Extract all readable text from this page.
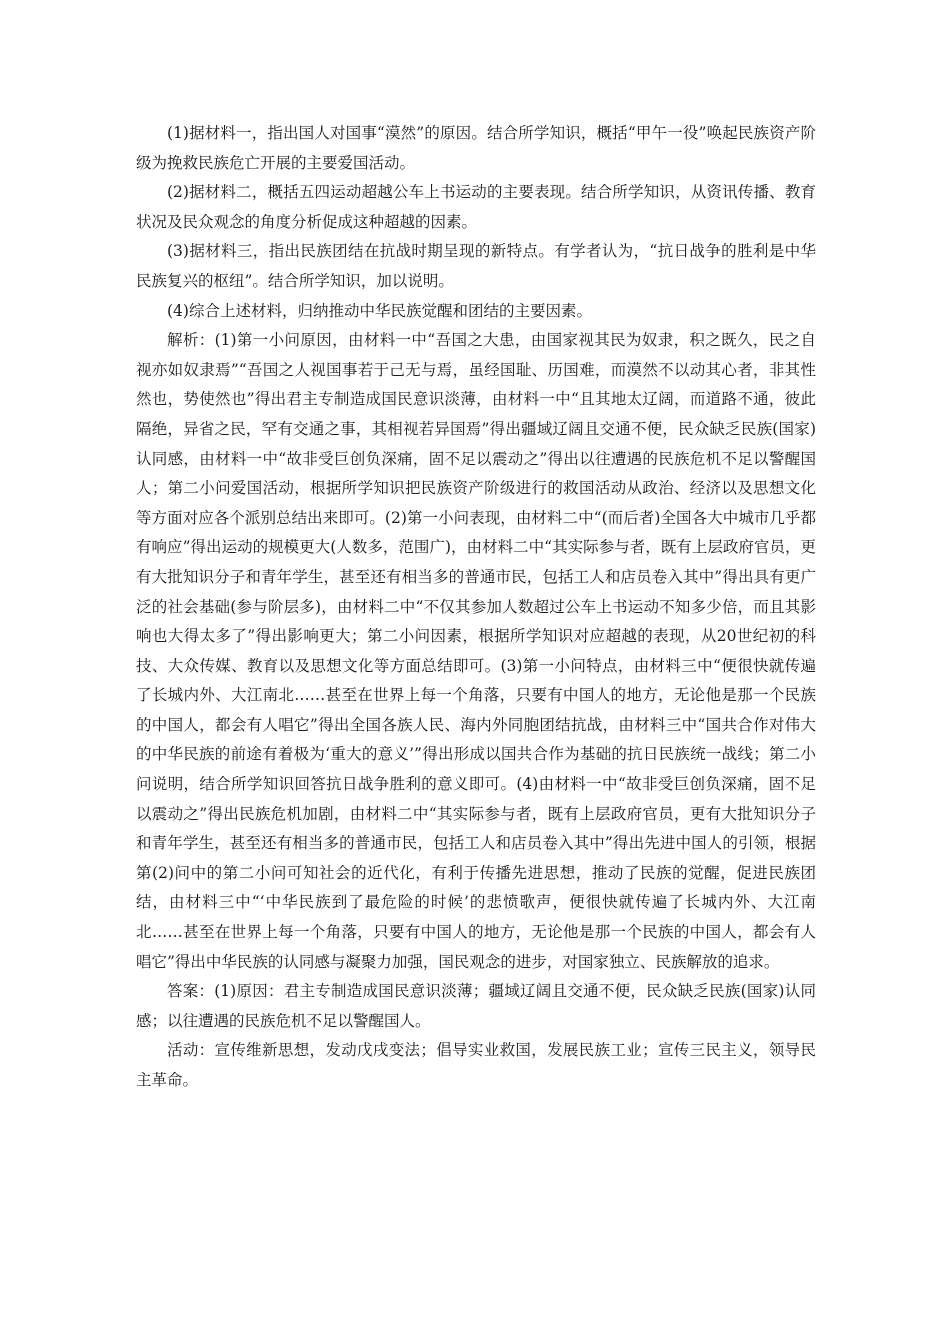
(1)据材料一，指出国人对国事“漠然”的原因。结合所学知识，概括“甲午一役”唤起民族资产阶级为挽救民族危亡开展的主要爱国活动。

(2)据材料二，概括五四运动超越公车上书运动的主要表现。结合所学知识，从资讯传播、教育状况及民众观念的角度分析促成这种超越的因素。

(3)据材料三，指出民族团结在抗战时期呈现的新特点。有学者认为，“抗日战争的胜利是中华民族复兴的枢纽”。结合所学知识，加以说明。

(4)综合上述材料，归纳推动中华民族觉醒和团结的主要因素。

解析：(1)第一小问原因，由材料一中“吾国之大患，由国家视其民为奴隶，积之既久，民之自视亦如奴隶焉”“吾国之人视国事若于己无与焉，虽经国耻、历国难，而漠然不以动其心者，非其性然也，势使然也”得出君主专制造成国民意识淡薄，由材料一中“且其地太辽阔，而道路不通，彼此隔绝，异省之民，罕有交通之事，其相视若异国焉”得出疆域辽阔且交通不便，民众缺乏民族(国家)认同感，由材料一中“故非受巨创负深痛，固不足以震动之”得出以往遭遇的民族危机不足以警醒国人；第二小问爱国活动，根据所学知识把民族资产阶级进行的救国活动从政治、经济以及思想文化等方面对应各个派别总结出来即可。(2)第一小问表现，由材料二中“(而后者)全国各大中城市几乎都有响应”得出运动的规模更大(人数多，范围广)，由材料二中“其实际参与者，既有上层政府官员，更有大批知识分子和青年学生，甚至还有相当多的普通市民，包括工人和店员卷入其中”得出具有更广泛的社会基础(参与阶层多)，由材料二中“不仅其参加人数超过公车上书运动不知多少倍，而且其影响也大得太多了”得出影响更大；第二小问因素，根据所学知识对应超越的表现，从20世纪初的科技、大众传媒、教育以及思想文化等方面总结即可。(3)第一小问特点，由材料三中“便很快就传遍了长城内外、大江南北……甚至在世界上每一个角落，只要有中国人的地方，无论他是那一个民族的中国人，都会有人唱它”得出全国各族人民、海内外同胞团结抗战，由材料三中“国共合作对伟大的中华民族的前途有着极为‘重大的意义’”得出形成以国共合作为基础的抗日民族统一战线；第二小问说明，结合所学知识回答抗日战争胜利的意义即可。(4)由材料一中“故非受巨创负深痛，固不足以震动之”得出民族危机加剧，由材料二中“其实际参与者，既有上层政府官员，更有大批知识分子和青年学生，甚至还有相当多的普通市民，包括工人和店员卷入其中”得出先进中国人的引领，根据第(2)问中的第二小问可知社会的近代化，有利于传播先进思想，推动了民族的觉醒，促进民族团结，由材料三中“‘中华民族到了最危险的时候’的悲愤歌声，便很快就传遍了长城内外、大江南北……甚至在世界上每一个角落，只要有中国人的地方，无论他是那一个民族的中国人，都会有人唱它”得出中华民族的认同感与凝聚力加强，国民观念的进步，对国家独立、民族解放的追求。

答案：(1)原因：君主专制造成国民意识淡薄；疆域辽阔且交通不便，民众缺乏民族(国家)认同感；以往遭遇的民族危机不足以警醒国人。

活动：宣传维新思想，发动戊戌变法；倡导实业救国，发展民族工业；宣传三民主义，领导民主革命。
